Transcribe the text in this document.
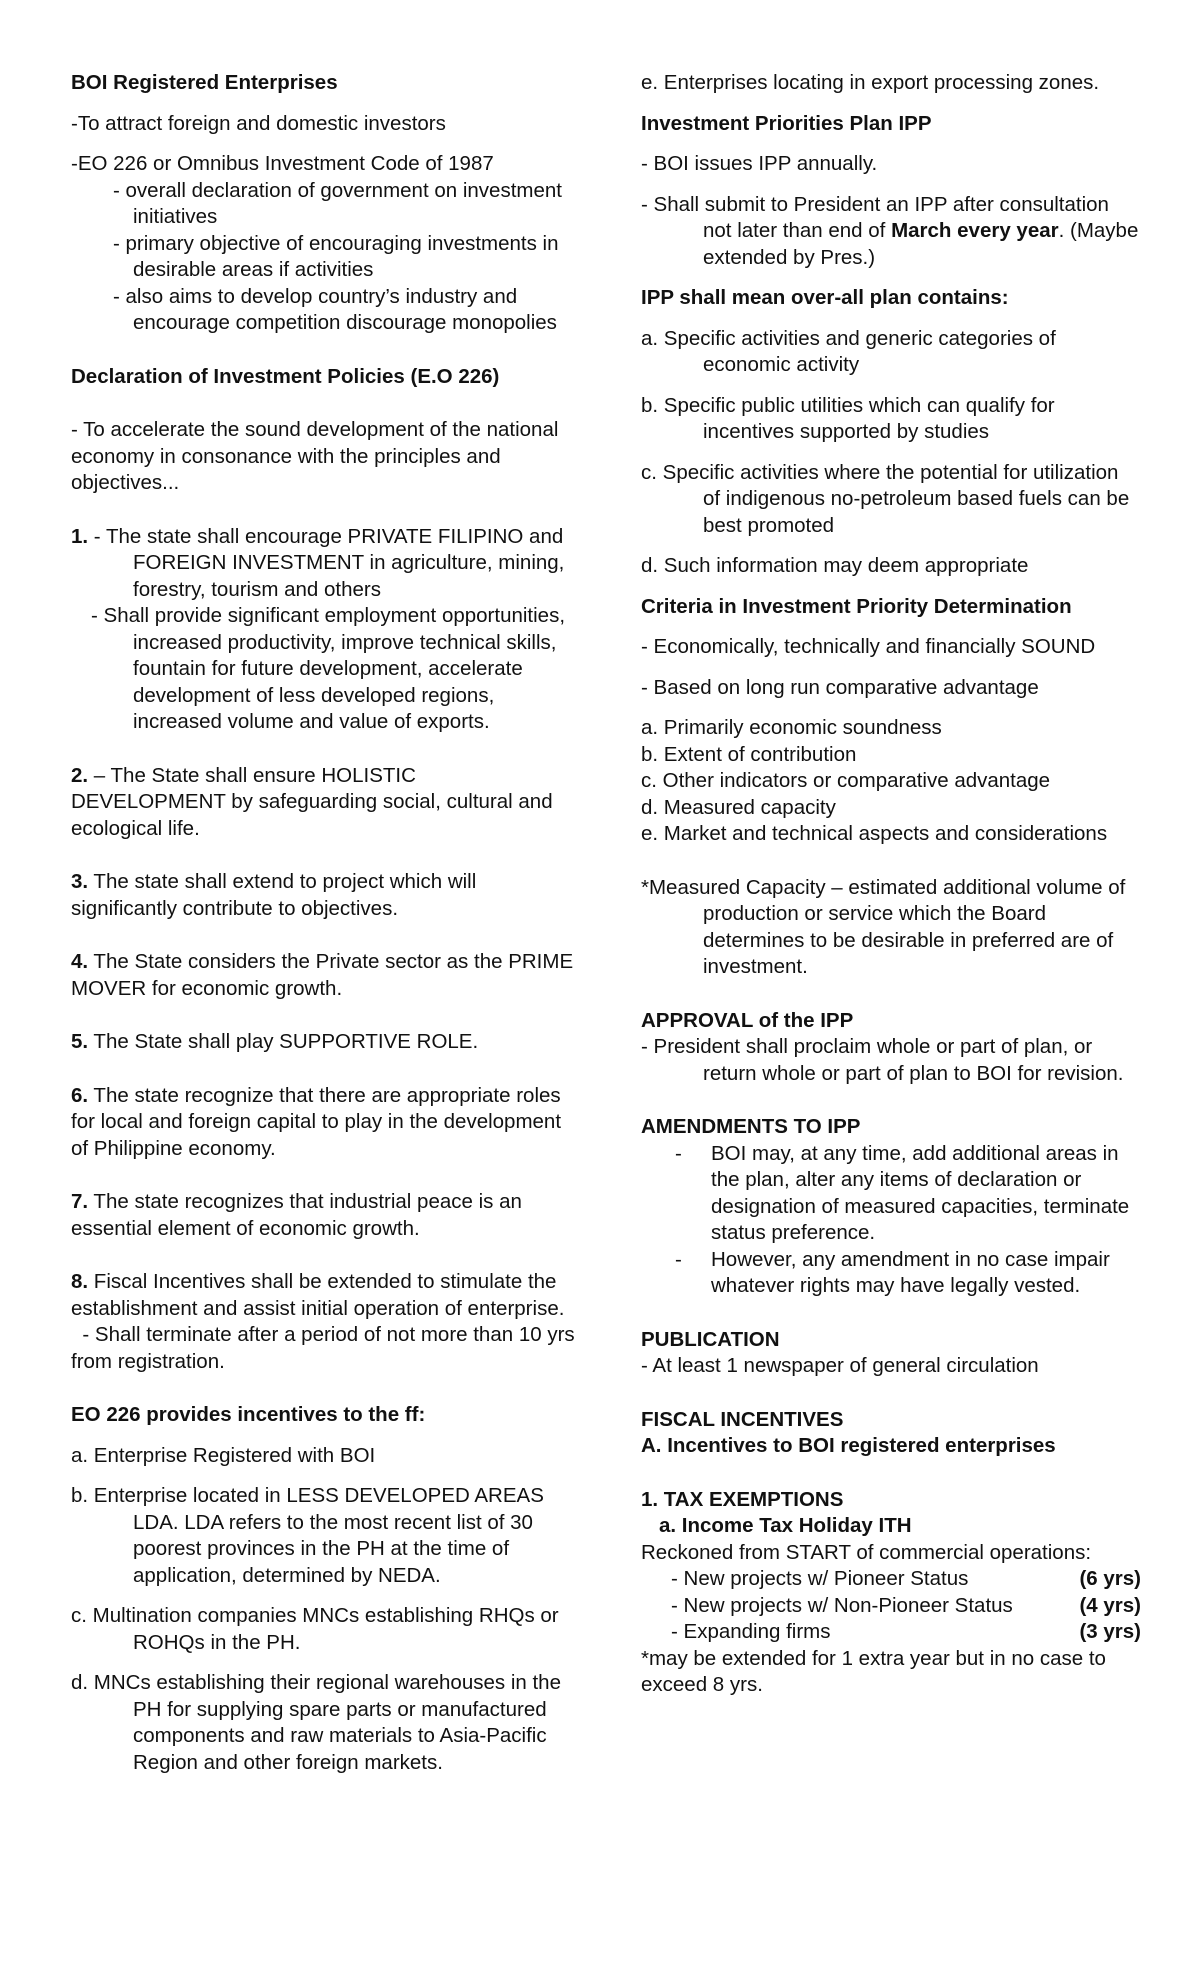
BOI Registered Enterprises

-To attract foreign and domestic investors

-EO 226 or Omnibus Investment Code of 1987

- overall declaration of government on investment initiatives

- primary objective of encouraging investments in desirable areas if activities

- also aims to develop country’s industry and encourage competition discourage monopolies

Declaration of Investment Policies (E.O 226)

- To accelerate the sound development of the national economy in consonance with the principles and objectives...

1. - The state shall encourage PRIVATE FILIPINO and FOREIGN INVESTMENT in agriculture, mining, forestry, tourism and others

- Shall provide significant employment opportunities, increased productivity, improve technical skills, fountain for future development, accelerate development of less developed regions, increased volume and value of exports.

2. – The State shall ensure HOLISTIC DEVELOPMENT by safeguarding social, cultural and ecological life.

3. The state shall extend to project which will significantly contribute to objectives.

4. The State considers the Private sector as the PRIME MOVER for economic growth.

5. The State shall play SUPPORTIVE ROLE.

6. The state recognize that there are appropriate roles for local and foreign capital to play in the development of Philippine economy.

7. The state recognizes that industrial peace is an essential element of economic growth.

8. Fiscal Incentives shall be extended to stimulate the establishment and assist initial operation of enterprise.

- Shall terminate after a period of not more than 10 yrs from registration.

EO 226 provides incentives to the ff:

a. Enterprise Registered with BOI

b. Enterprise located in LESS DEVELOPED AREAS LDA. LDA refers to the most recent list of 30 poorest provinces in the PH at the time of application, determined by NEDA.

c. Multination companies MNCs establishing RHQs or ROHQs in the PH.

d. MNCs establishing their regional warehouses in the PH for supplying spare parts or manufactured components and raw materials to Asia-Pacific Region and other foreign markets.

e. Enterprises locating in export processing zones.

Investment Priorities Plan IPP

- BOI issues IPP annually.

- Shall submit to President an IPP after consultation not later than end of March every year. (Maybe extended by Pres.)

IPP shall mean over-all plan contains:

a. Specific activities and generic categories of economic activity

b. Specific public utilities which can qualify for incentives supported by studies

c. Specific activities where the potential for utilization of indigenous no-petroleum based fuels can be best promoted

d. Such information may deem appropriate

Criteria in Investment Priority Determination

- Economically, technically and financially SOUND

- Based on long run comparative advantage

a. Primarily economic soundness

b. Extent of contribution

c. Other indicators or comparative advantage

d. Measured capacity

e. Market and technical aspects and considerations

*Measured Capacity – estimated additional volume of production or service which the Board determines to be desirable in preferred are of investment.

APPROVAL of the IPP

- President shall proclaim whole or part of plan, or return whole or part of plan to BOI for revision.

AMENDMENTS TO IPP

-	BOI may, at any time, add additional areas in the plan, alter any items of declaration or designation of measured capacities, terminate status preference.
-	However, any amendment in no case impair whatever rights may have legally vested.

PUBLICATION

- At least 1 newspaper of general circulation

FISCAL INCENTIVES

A. Incentives to BOI registered enterprises

1. TAX EXEMPTIONS

a. Income Tax Holiday ITH

Reckoned from START of commercial operations:

- New projects w/ Pioneer Status	(6 yrs)
- New projects w/ Non-Pioneer Status	(4 yrs)
- Expanding firms	(3 yrs)

*may be extended for 1 extra year but in no case to exceed 8 yrs.
